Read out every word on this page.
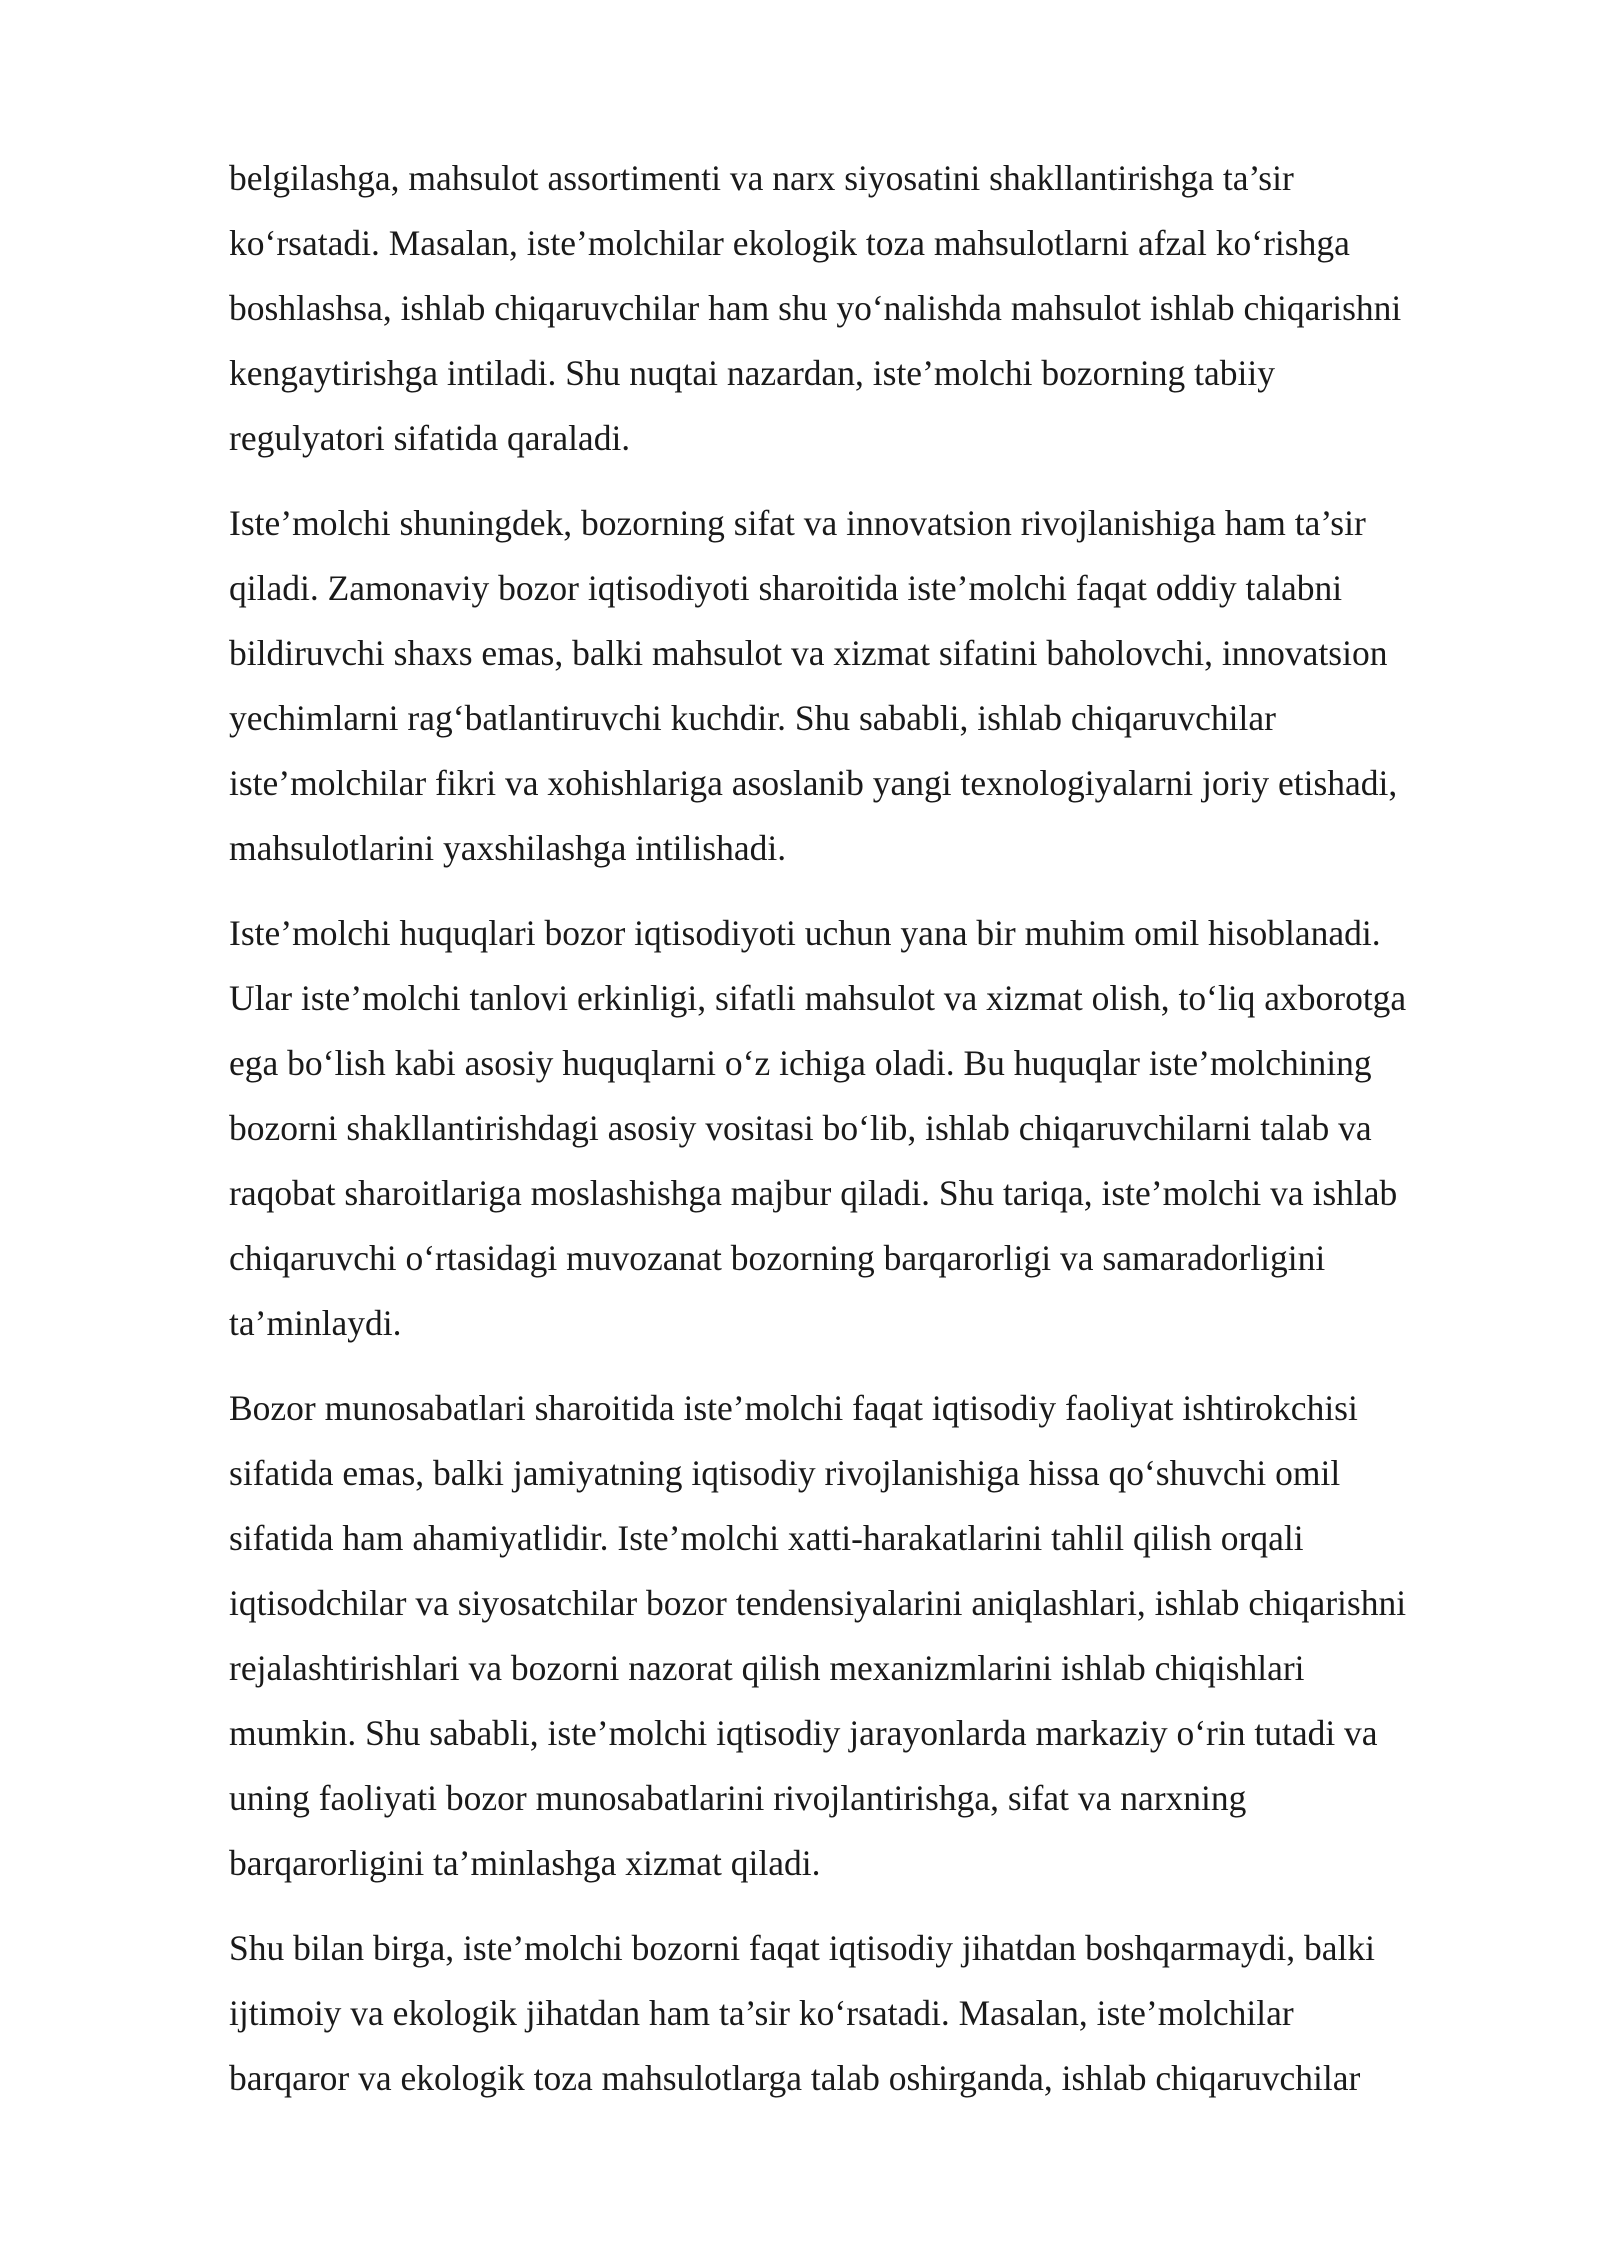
belgilashga, mahsulot assortimenti va narx siyosatini shakllantirishga ta’sir
ko‘rsatadi. Masalan, iste’molchilar ekologik toza mahsulotlarni afzal ko‘rishga
boshlashsa, ishlab chiqaruvchilar ham shu yo‘nalishda mahsulot ishlab chiqarishni
kengaytirishga intiladi. Shu nuqtai nazardan, iste’molchi bozorning tabiiy
regulyatori sifatida qaraladi.

Iste’molchi shuningdek, bozorning sifat va innovatsion rivojlanishiga ham ta’sir
qiladi. Zamonaviy bozor iqtisodiyoti sharoitida iste’molchi faqat oddiy talabni
bildiruvchi shaxs emas, balki mahsulot va xizmat sifatini baholovchi, innovatsion
yechimlarni rag‘batlantiruvchi kuchdir. Shu sababli, ishlab chiqaruvchilar
iste’molchilar fikri va xohishlariga asoslanib yangi texnologiyalarni joriy etishadi,
mahsulotlarini yaxshilashga intilishadi.

Iste’molchi huquqlari bozor iqtisodiyoti uchun yana bir muhim omil hisoblanadi.
Ular iste’molchi tanlovi erkinligi, sifatli mahsulot va xizmat olish, to‘liq axborotga
ega bo‘lish kabi asosiy huquqlarni o‘z ichiga oladi. Bu huquqlar iste’molchining
bozorni shakllantirishdagi asosiy vositasi bo‘lib, ishlab chiqaruvchilarni talab va
raqobat sharoitlariga moslashishga majbur qiladi. Shu tariqa, iste’molchi va ishlab
chiqaruvchi o‘rtasidagi muvozanat bozorning barqarorligi va samaradorligini
ta’minlaydi.

Bozor munosabatlari sharoitida iste’molchi faqat iqtisodiy faoliyat ishtirokchisi
sifatida emas, balki jamiyatning iqtisodiy rivojlanishiga hissa qo‘shuvchi omil
sifatida ham ahamiyatlidir. Iste’molchi xatti-harakatlarini tahlil qilish orqali
iqtisodchilar va siyosatchilar bozor tendensiyalarini aniqlashlari, ishlab chiqarishni
rejalashtirishlari va bozorni nazorat qilish mexanizmlarini ishlab chiqishlari
mumkin. Shu sababli, iste’molchi iqtisodiy jarayonlarda markaziy o‘rin tutadi va
uning faoliyati bozor munosabatlarini rivojlantirishga, sifat va narxning
barqarorligini ta’minlashga xizmat qiladi.

Shu bilan birga, iste’molchi bozorni faqat iqtisodiy jihatdan boshqarmaydi, balki
ijtimoiy va ekologik jihatdan ham ta’sir ko‘rsatadi. Masalan, iste’molchilar
barqaror va ekologik toza mahsulotlarga talab oshirganda, ishlab chiqaruvchilar
